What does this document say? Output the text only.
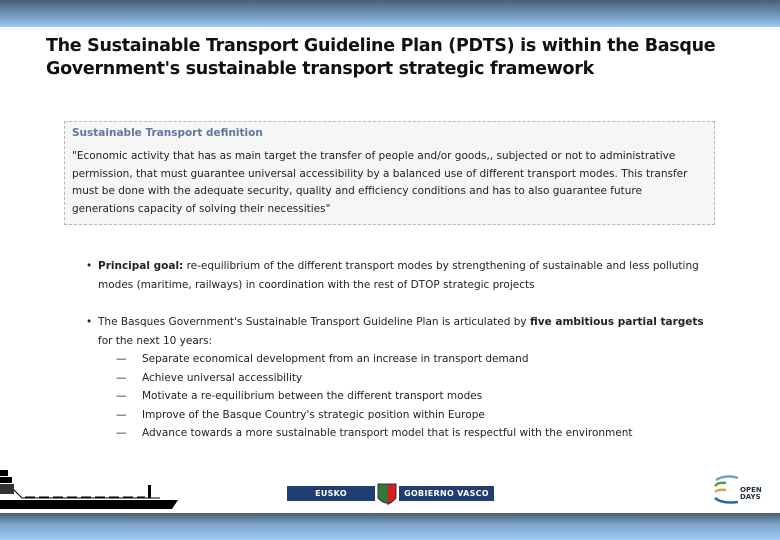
The Sustainable Transport Guideline Plan (PDTS) is within the Basque Government's sustainable transport strategic framework
Sustainable Transport definition
"Economic activity that has as main target the transfer of people and/or goods,, subjected or not to administrative permission, that must guarantee universal accessibility by a balanced use of different transport modes. This transfer must be done with the adequate security, quality and efficiency conditions and has to also guarantee future generations capacity of solving their necessities"
• Principal goal: re-equilibrium of the different transport modes by strengthening of sustainable and less polluting modes (maritime, railways) in coordination with the rest of DTOP strategic projects
• The Basques Government's Sustainable Transport Guideline Plan is articulated by five ambitious partial targets for the next 10 years:
— Separate economical development from an increase in transport demand
— Achieve universal accessibility
— Motivate a re-equilibrium between the different transport modes
— Improve of the Basque Country's strategic position within Europe
— Advance towards a more sustainable transport model that is respectful with the environment
EUSKO JAURLARITZA
GOBIERNO VASCO	OPEN
DAYS
